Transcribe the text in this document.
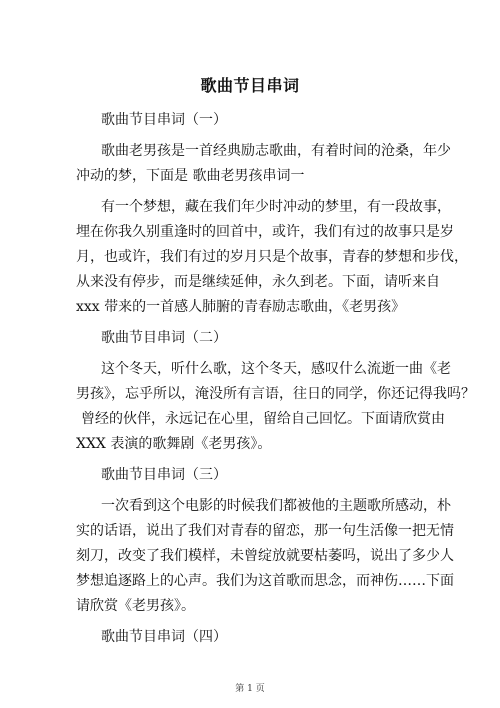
歌曲节目串词
歌曲节目串词（一）
歌曲老男孩是一首经典励志歌曲，有着时间的沧桑，年少
冲动的梦，下面是 歌曲老男孩串词一
有一个梦想，藏在我们年少时冲动的梦里，有一段故事，
埋在你我久别重逢时的回首中，或许，我们有过的故事只是岁
月，也或许，我们有过的岁月只是个故事，青春的梦想和步伐，
从来没有停步，而是继续延伸，永久到老。下面，请听来自
xxx 带来的一首感人肺腑的青春励志歌曲，《老男孩》
歌曲节目串词（二）
这个冬天，听什么歌，这个冬天，感叹什么流逝一曲《老
男孩》，忘乎所以，淹没所有言语，往日的同学，你还记得我吗？
曾经的伙伴，永远记在心里，留给自己回忆。下面请欣赏由
XXX 表演的歌舞剧《老男孩》。
歌曲节目串词（三）
一次看到这个电影的时候我们都被他的主题歌所感动，朴
实的话语，说出了我们对青春的留恋，那一句生活像一把无情
刻刀，改变了我们模样，未曾绽放就要枯萎吗，说出了多少人
梦想追逐路上的心声。我们为这首歌而思念，而神伤……下面
请欣赏《老男孩》。
歌曲节目串词（四）
第 1 页
